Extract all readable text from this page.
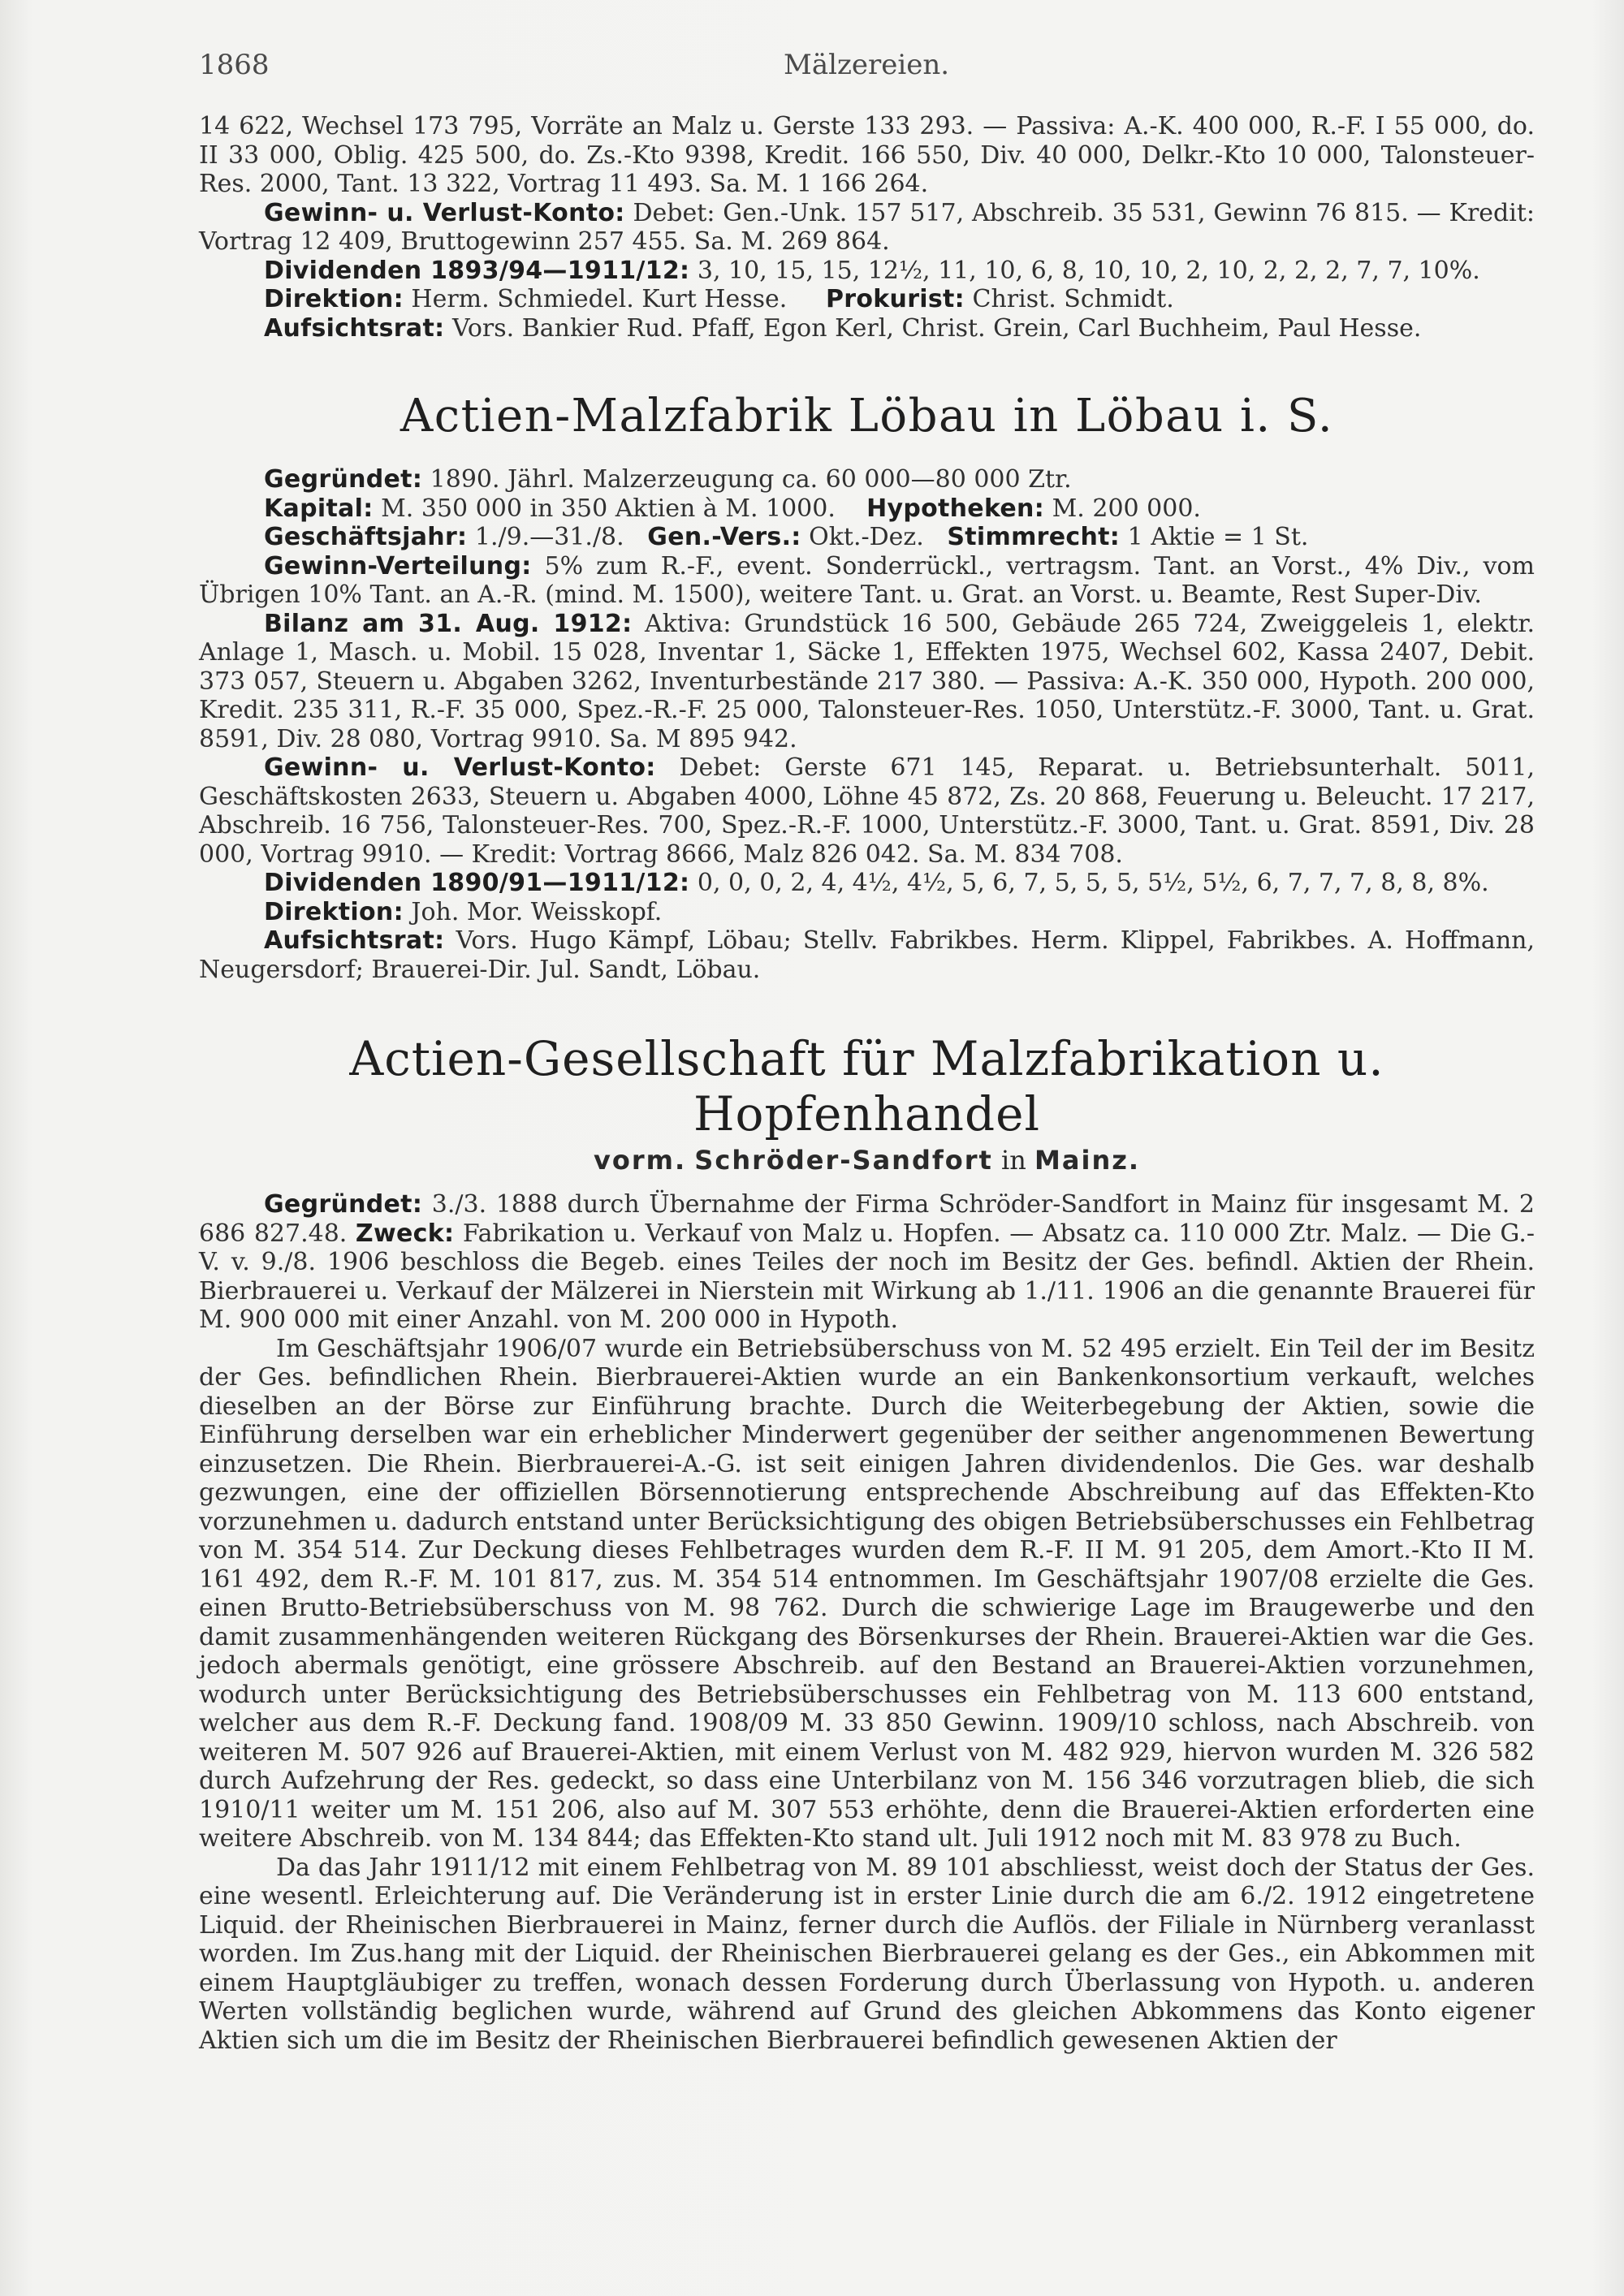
1868	Mälzereien.

14 622, Wechsel 173 795, Vorräte an Malz u. Gerste 133 293. — Passiva: A.-K. 400 000, R.-F. I 55 000, do. II 33 000, Oblig. 425 500, do. Zs.-Kto 9398, Kredit. 166 550, Div. 40 000, Delkr.-Kto 10 000, Talonsteuer-Res. 2000, Tant. 13 322, Vortrag 11 493. Sa. M. 1 166 264.

Gewinn- u. Verlust-Konto: Debet: Gen.-Unk. 157 517, Abschreib. 35 531, Gewinn 76 815. — Kredit: Vortrag 12 409, Bruttogewinn 257 455. Sa. M. 269 864.

Dividenden 1893/94—1911/12: 3, 10, 15, 15, 12½, 11, 10, 6, 8, 10, 10, 2, 10, 2, 2, 2, 7, 7, 10%.

Direktion: Herm. Schmiedel. Kurt Hesse. Prokurist: Christ. Schmidt.

Aufsichtsrat: Vors. Bankier Rud. Pfaff, Egon Kerl, Christ. Grein, Carl Buchheim, Paul Hesse.

Actien-Malzfabrik Löbau in Löbau i. S.

Gegründet: 1890. Jährl. Malzerzeugung ca. 60 000—80 000 Ztr.

Kapital: M. 350 000 in 350 Aktien à M. 1000. Hypotheken: M. 200 000.

Geschäftsjahr: 1./9.—31./8. Gen.-Vers.: Okt.-Dez. Stimmrecht: 1 Aktie = 1 St.

Gewinn-Verteilung: 5% zum R.-F., event. Sonderrückl., vertragsm. Tant. an Vorst., 4% Div., vom Übrigen 10% Tant. an A.-R. (mind. M. 1500), weitere Tant. u. Grat. an Vorst. u. Beamte, Rest Super-Div.

Bilanz am 31. Aug. 1912: Aktiva: Grundstück 16 500, Gebäude 265 724, Zweiggeleis 1, elektr. Anlage 1, Masch. u. Mobil. 15 028, Inventar 1, Säcke 1, Effekten 1975, Wechsel 602, Kassa 2407, Debit. 373 057, Steuern u. Abgaben 3262, Inventurbestände 217 380. — Passiva: A.-K. 350 000, Hypoth. 200 000, Kredit. 235 311, R.-F. 35 000, Spez.-R.-F. 25 000, Talonsteuer-Res. 1050, Unterstütz.-F. 3000, Tant. u. Grat. 8591, Div. 28 080, Vortrag 9910. Sa. M 895 942.

Gewinn- u. Verlust-Konto: Debet: Gerste 671 145, Reparat. u. Betriebsunterhalt. 5011, Geschäftskosten 2633, Steuern u. Abgaben 4000, Löhne 45 872, Zs. 20 868, Feuerung u. Beleucht. 17 217, Abschreib. 16 756, Talonsteuer-Res. 700, Spez.-R.-F. 1000, Unterstütz.-F. 3000, Tant. u. Grat. 8591, Div. 28 000, Vortrag 9910. — Kredit: Vortrag 8666, Malz 826 042. Sa. M. 834 708.

Dividenden 1890/91—1911/12: 0, 0, 0, 2, 4, 4½, 4½, 5, 6, 7, 5, 5, 5, 5½, 5½, 6, 7, 7, 7, 8, 8, 8%.

Direktion: Joh. Mor. Weisskopf.

Aufsichtsrat: Vors. Hugo Kämpf, Löbau; Stellv. Fabrikbes. Herm. Klippel, Fabrikbes. A. Hoffmann, Neugersdorf; Brauerei-Dir. Jul. Sandt, Löbau.

Actien-Gesellschaft für Malzfabrikation u. Hopfenhandel
vorm. Schröder-Sandfort in Mainz.

Gegründet: 3./3. 1888 durch Übernahme der Firma Schröder-Sandfort in Mainz für insgesamt M. 2 686 827.48. Zweck: Fabrikation u. Verkauf von Malz u. Hopfen. — Absatz ca. 110 000 Ztr. Malz. — Die G.-V. v. 9./8. 1906 beschloss die Begeb. eines Teiles der noch im Besitz der Ges. befindl. Aktien der Rhein. Bierbrauerei u. Verkauf der Mälzerei in Nierstein mit Wirkung ab 1./11. 1906 an die genannte Brauerei für M. 900 000 mit einer Anzahl. von M. 200 000 in Hypoth.

Im Geschäftsjahr 1906/07 wurde ein Betriebsüberschuss von M. 52 495 erzielt. Ein Teil der im Besitz der Ges. befindlichen Rhein. Bierbrauerei-Aktien wurde an ein Bankenkonsortium verkauft, welches dieselben an der Börse zur Einführung brachte. Durch die Weiterbegebung der Aktien, sowie die Einführung derselben war ein erheblicher Minderwert gegenüber der seither angenommenen Bewertung einzusetzen. Die Rhein. Bierbrauerei-A.-G. ist seit einigen Jahren dividendenlos. Die Ges. war deshalb gezwungen, eine der offiziellen Börsennotierung entsprechende Abschreibung auf das Effekten-Kto vorzunehmen u. dadurch entstand unter Berücksichtigung des obigen Betriebsüberschusses ein Fehlbetrag von M. 354 514. Zur Deckung dieses Fehlbetrages wurden dem R.-F. II M. 91 205, dem Amort.-Kto II M. 161 492, dem R.-F. M. 101 817, zus. M. 354 514 entnommen. Im Geschäftsjahr 1907/08 erzielte die Ges. einen Brutto-Betriebsüberschuss von M. 98 762. Durch die schwierige Lage im Braugewerbe und den damit zusammenhängenden weiteren Rückgang des Börsenkurses der Rhein. Brauerei-Aktien war die Ges. jedoch abermals genötigt, eine grössere Abschreib. auf den Bestand an Brauerei-Aktien vorzunehmen, wodurch unter Berücksichtigung des Betriebsüberschusses ein Fehlbetrag von M. 113 600 entstand, welcher aus dem R.-F. Deckung fand. 1908/09 M. 33 850 Gewinn. 1909/10 schloss, nach Abschreib. von weiteren M. 507 926 auf Brauerei-Aktien, mit einem Verlust von M. 482 929, hiervon wurden M. 326 582 durch Aufzehrung der Res. gedeckt, so dass eine Unterbilanz von M. 156 346 vorzutragen blieb, die sich 1910/11 weiter um M. 151 206, also auf M. 307 553 erhöhte, denn die Brauerei-Aktien erforderten eine weitere Abschreib. von M. 134 844; das Effekten-Kto stand ult. Juli 1912 noch mit M. 83 978 zu Buch.

Da das Jahr 1911/12 mit einem Fehlbetrag von M. 89 101 abschliesst, weist doch der Status der Ges. eine wesentl. Erleichterung auf. Die Veränderung ist in erster Linie durch die am 6./2. 1912 eingetretene Liquid. der Rheinischen Bierbrauerei in Mainz, ferner durch die Auflös. der Filiale in Nürnberg veranlasst worden. Im Zus.hang mit der Liquid. der Rheinischen Bierbrauerei gelang es der Ges., ein Abkommen mit einem Hauptgläubiger zu treffen, wonach dessen Forderung durch Überlassung von Hypoth. u. anderen Werten vollständig beglichen wurde, während auf Grund des gleichen Abkommens das Konto eigener Aktien sich um die im Besitz der Rheinischen Bierbrauerei befindlich gewesenen Aktien der
